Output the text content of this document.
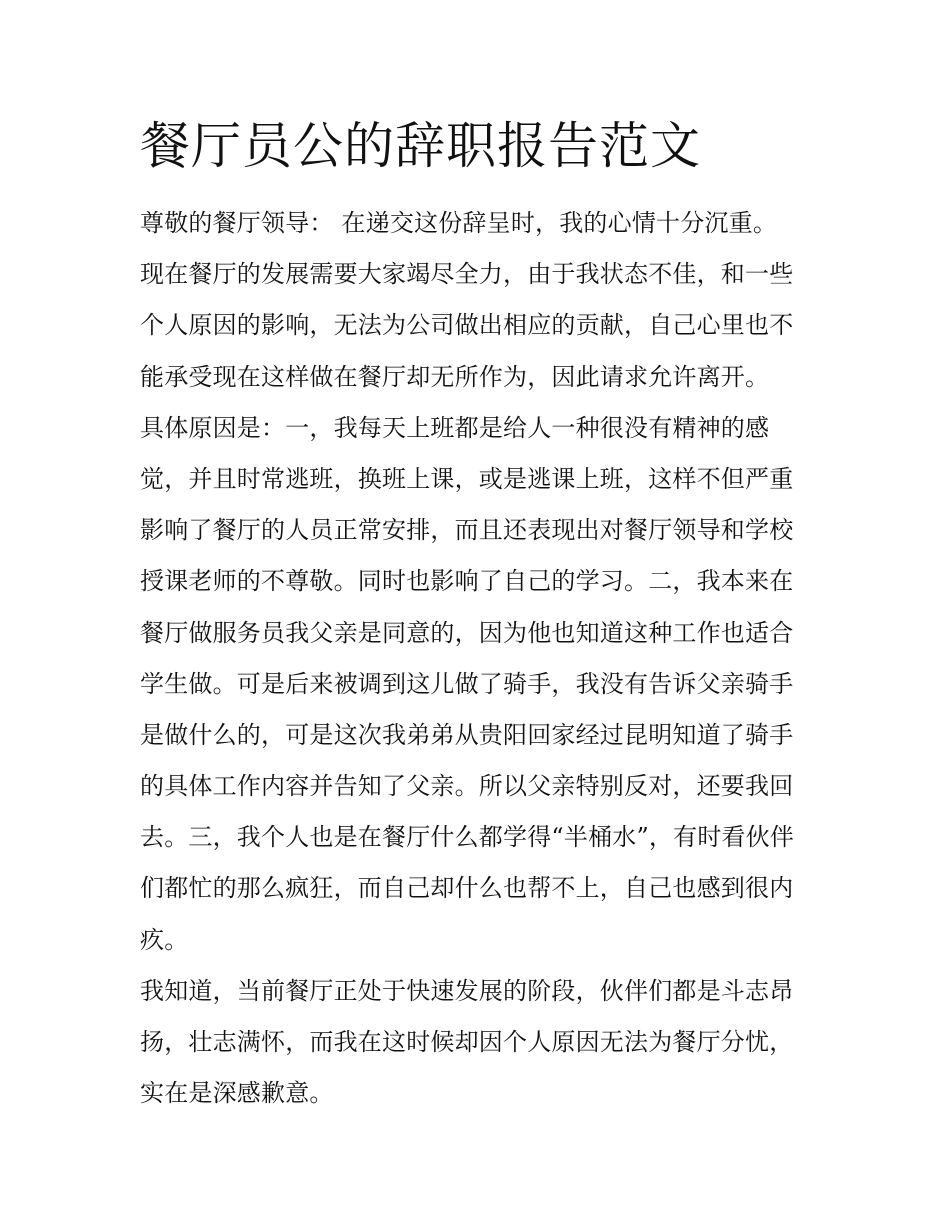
餐厅员公的辞职报告范文
尊敬的餐厅领导： 在递交这份辞呈时，我的心情十分沉重。
现在餐厅的发展需要大家竭尽全力，由于我状态不佳，和一些
个人原因的影响，无法为公司做出相应的贡献，自己心里也不
能承受现在这样做在餐厅却无所作为，因此请求允许离开。
具体原因是：一，我每天上班都是给人一种很没有精神的感
觉，并且时常逃班，换班上课，或是逃课上班，这样不但严重
影响了餐厅的人员正常安排，而且还表现出对餐厅领导和学校
授课老师的不尊敬。同时也影响了自己的学习。二，我本来在
餐厅做服务员我父亲是同意的，因为他也知道这种工作也适合
学生做。可是后来被调到这儿做了骑手，我没有告诉父亲骑手
是做什么的，可是这次我弟弟从贵阳回家经过昆明知道了骑手
的具体工作内容并告知了父亲。所以父亲特别反对，还要我回
去。三，我个人也是在餐厅什么都学得“半桶水”，有时看伙伴
们都忙的那么疯狂，而自己却什么也帮不上，自己也感到很内
疚。
我知道，当前餐厅正处于快速发展的阶段，伙伴们都是斗志昂
扬，壮志满怀，而我在这时候却因个人原因无法为餐厅分忧，
实在是深感歉意。
